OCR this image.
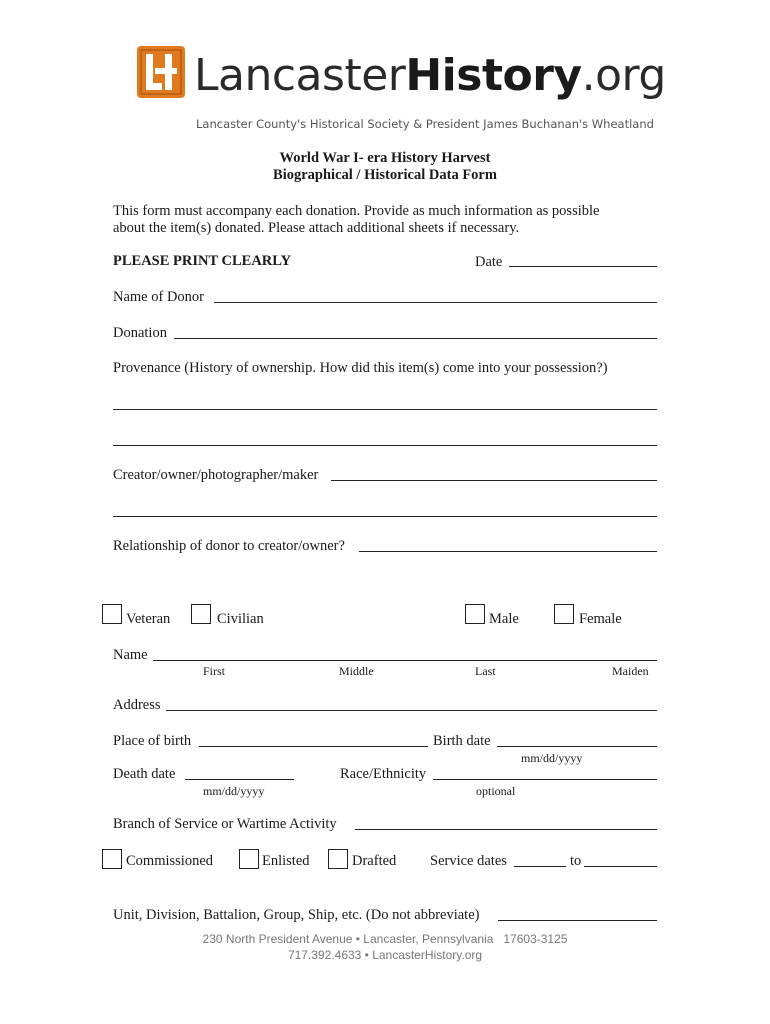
LancasterHistory.org
Lancaster County's Historical Society & President James Buchanan's Wheatland
World War I- era History Harvest
Biographical / Historical Data Form
This form must accompany each donation. Provide as much information as possible
about the item(s) donated. Please attach additional sheets if necessary.
PLEASE PRINT CLEARLY	Date
Name of Donor
Donation
Provenance (History of ownership. How did this item(s) come into your possession?)
Creator/owner/photographer/maker
Relationship of donor to creator/owner?
Veteran	Civilian	Male	Female
Name
First	Middle	Last	Maiden
Address
Place of birth	Birth date
mm/dd/yyyy
Death date
mm/dd/yyyy
Race/Ethnicity
optional
Branch of Service or Wartime Activity
Commissioned	Enlisted	Drafted Service dates	to
Unit, Division, Battalion, Group, Ship, etc. (Do not abbreviate)
230 North President Avenue • Lancaster, Pennsylvania   17603-3125
717.392.4633 • LancasterHistory.org
